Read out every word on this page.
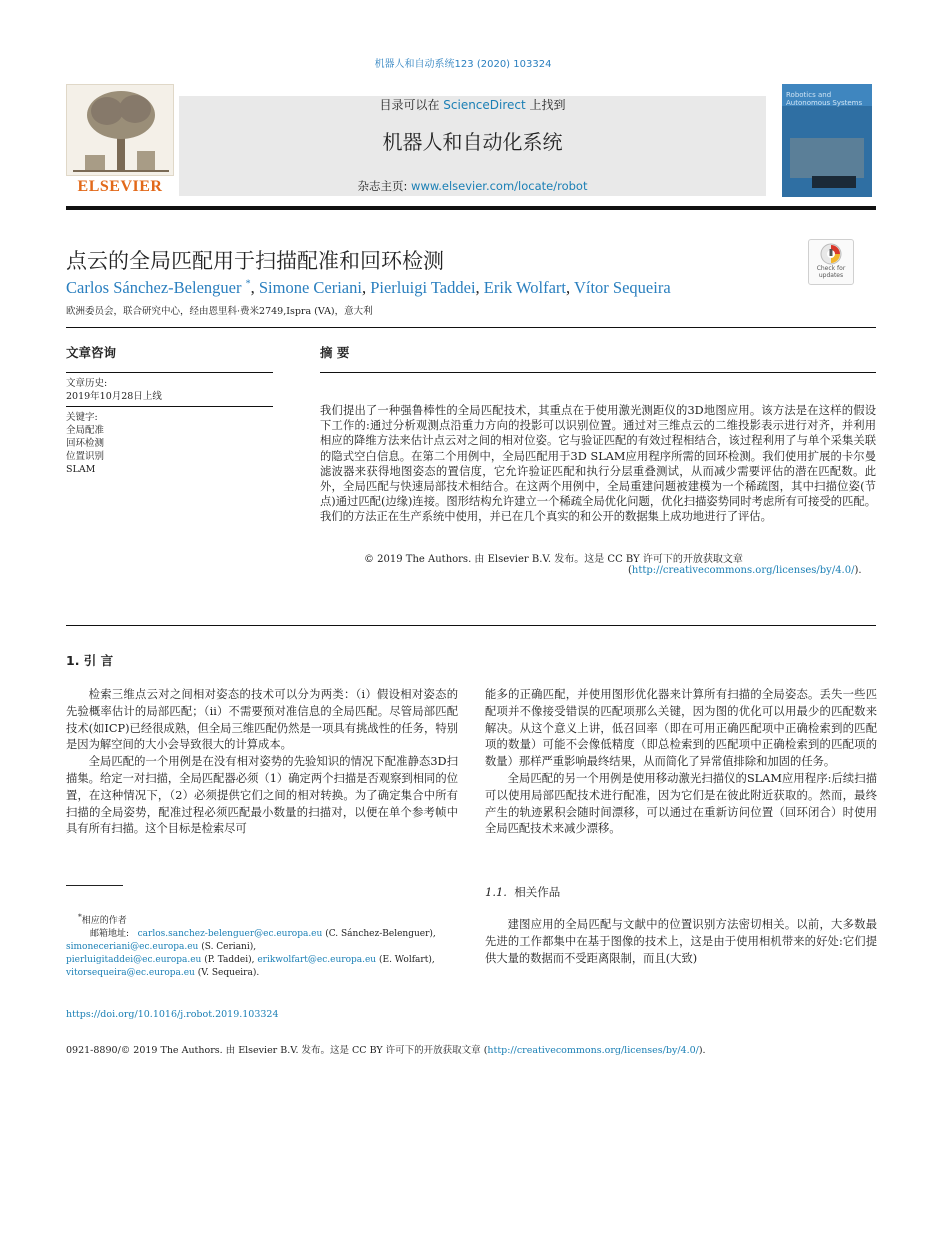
机器人和自动系统123 (2020) 103324
ELSEVIER
目录可以在 ScienceDirect 上找到
机器人和自动化系统
杂志主页: www.elsevier.com/locate/robot
Robotics and Autonomous Systems
点云的全局匹配用于扫描配准和回环检测	Check for updates
Carlos Sánchez-Belenguer *, Simone Ceriani, Pierluigi Taddei, Erik Wolfart, Vítor Sequeira
欧洲委员会，联合研究中心，经由恩里科·费米2749,Ispra (VA)，意大利
文章咨询

文章历史:

2019年10月28日上线

关键字:

全局配准

回环检测

位置识别

SLAM

摘 要
我们提出了一种强鲁棒性的全局匹配技术，其重点在于使用激光测距仪的3D地图应用。该方法是在这样的假设下工作的:通过分析观测点沿重力方向的投影可以识别位置。通过对三维点云的二维投影表示进行对齐，并利用相应的降维方法来估计点云对之间的相对位姿。它与验证匹配的有效过程相结合，该过程利用了与单个采集关联的隐式空白信息。在第二个用例中，全局匹配用于3D SLAM应用程序所需的回环检测。我们使用扩展的卡尔曼滤波器来获得地图姿态的置信度，它允许验证匹配和执行分层重叠测试，从而减少需要评估的潜在匹配数。此外，全局匹配与快速局部技术相结合。在这两个用例中，全局重建问题被建模为一个稀疏图，其中扫描位姿(节点)通过匹配(边缘)连接。图形结构允许建立一个稀疏全局优化问题，优化扫描姿势同时考虑所有可接受的匹配。我们的方法正在生产系统中使用，并已在几个真实的和公开的数据集上成功地进行了评估。
© 2019 The Authors. 由 Elsevier B.V. 发布。这是 CC BY 许可下的开放获取文章
(http://creativecommons.org/licenses/by/4.0/).
1. 引 言

检索三维点云对之间相对姿态的技术可以分为两类：（i）假设相对姿态的先验概率估计的局部匹配；（ii）不需要预对准信息的全局匹配。尽管局部匹配技术(如ICP)已经很成熟，但全局三维匹配仍然是一项具有挑战性的任务，特别是因为解空间的大小会导致很大的计算成本。

全局匹配的一个用例是在没有相对姿势的先验知识的情况下配准静态3D扫描集。给定一对扫描，全局匹配器必须（1）确定两个扫描是否观察到相同的位置，在这种情况下，（2）必须提供它们之间的相对转换。为了确定集合中所有扫描的全局姿势，配准过程必须匹配最小数量的扫描对，以便在单个参考帧中具有所有扫描。这个目标是检索尽可

能多的正确匹配，并使用图形优化器来计算所有扫描的全局姿态。丢失一些匹配项并不像接受错误的匹配项那么关键，因为图的优化可以用最少的匹配数来解决。从这个意义上讲，低召回率（即在可用正确匹配项中正确检索到的匹配项的数量）可能不会像低精度（即总检索到的匹配项中正确检索到的匹配项的数量）那样严重影响最终结果，从而简化了异常值排除和加固的任务。

全局匹配的另一个用例是使用移动激光扫描仪的SLAM应用程序:后续扫描可以使用局部匹配技术进行配准，因为它们是在彼此附近获取的。然而，最终产生的轨迹累积会随时间漂移，可以通过在重新访问位置（回环闭合）时使用全局匹配技术来减少漂移。

1.1. 相关作品

建图应用的全局匹配与文献中的位置识别方法密切相关。以前，大多数最先进的工作都集中在基于图像的技术上，这是由于使用相机带来的好处:它们提供大量的数据而不受距离限制，而且(大致)

*相应的作者

邮箱地址: carlos.sanchez-belenguer@ec.europa.eu (C. Sánchez-Belenguer),

simoneceriani@ec.europa.eu (S. Ceriani),

pierluigitaddei@ec.europa.eu (P. Taddei), erikwolfart@ec.europa.eu (E. Wolfart),

vitorsequeira@ec.europa.eu (V. Sequeira).

https://doi.org/10.1016/j.robot.2019.103324
0921-8890/© 2019 The Authors. 由 Elsevier B.V. 发布。这是 CC BY 许可下的开放获取文章 (http://creativecommons.org/licenses/by/4.0/).
